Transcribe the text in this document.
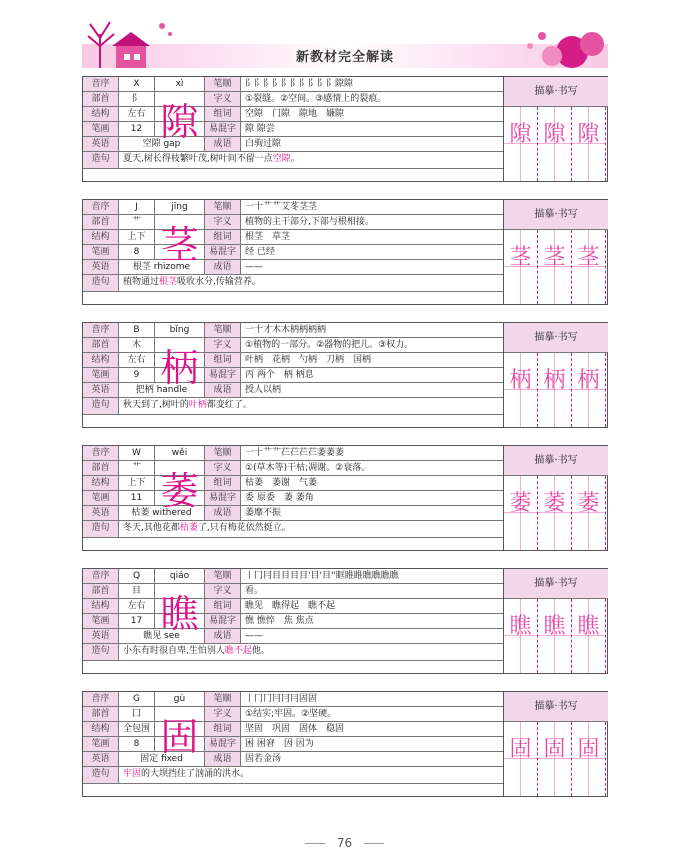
新教材完全解读
音序	X	xì	笔顺	阝阝阝阝阝阝阝阝阝阝隙隙
部首	阝	字义	①裂缝。②空间。③感情上的裂痕。
结构	左右	组词	空隙　门隙　隙地　嫌隙
笔画	12	易混字	隙 隙尝
英语	空隙 gap	成语	白驹过隙
造句	夏天,树长得枝繁叶茂,树叶间不留一点空隙。
隙
描摹·书写
隙 隙 隙
音序	J	jīng	笔顺	一十艹艹艾苳茎茎
部首	艹	字义	植物的主干部分,下部与根相接。
结构	上下	组词	根茎　草茎
笔画	8	易混字	经 已经
英语	根茎 rhizome	成语	——
造句	植物通过根茎吸收水分,传输营养。
茎
描摹·书写
茎 茎 茎
音序	B	bǐng	笔顺	一十才木木柄柄柄柄
部首	木	字义	①植物的一部分。②器物的把儿。③权力。
结构	左右	组词	叶柄　花柄　勺柄　刀柄　国柄
笔画	9	易混字	丙 两个　柄 柄息
英语	把柄 handle	成语	授人以柄
造句	秋天到了,树叶的叶柄都变红了。
柄
描摹·书写
柄 柄 柄
音序	W	wěi	笔顺	一十艹艹芢芢芢芢萎萎萎
部首	艹	字义	①(草木等)干枯;凋谢。②衰落。
结构	上下	组词	枯萎　萎谢　气萎
笔画	11	易混字	委 原委　萎 萎角
英语	枯萎 withered	成语	萎靡不振
造句	冬天,其他花都枯萎了,只有梅花依然挺立。
萎
描摹·书写
萎 萎 萎
音序	Q	qiáo	笔顺	丨冂冃目目目目'目'目''眶睢睢瞧瞧瞧瞧
部首	目	字义	看。
结构	左右	组词	瞧见　瞧得起　瞧不起
笔画	17	易混字	憔 憔悴　焦 焦点
英语	瞧见 see	成语	——
造句	小东有时很自卑,生怕别人瞧不起他。
瞧
描摹·书写
瞧 瞧 瞧
音序	G	gù	笔顺	丨冂冂冃冃冃固固
部首	囗	字义	①结实;牢固。②坚硬。
结构	全包围	组词	坚固　巩固　固体　稳固
笔画	8	易混字	困 困窘　因 因为
英语	固定 fixed	成语	固若金汤
造句	牢固的大坝挡住了汹涌的洪水。
固
描摹·书写
固 固 固
76
